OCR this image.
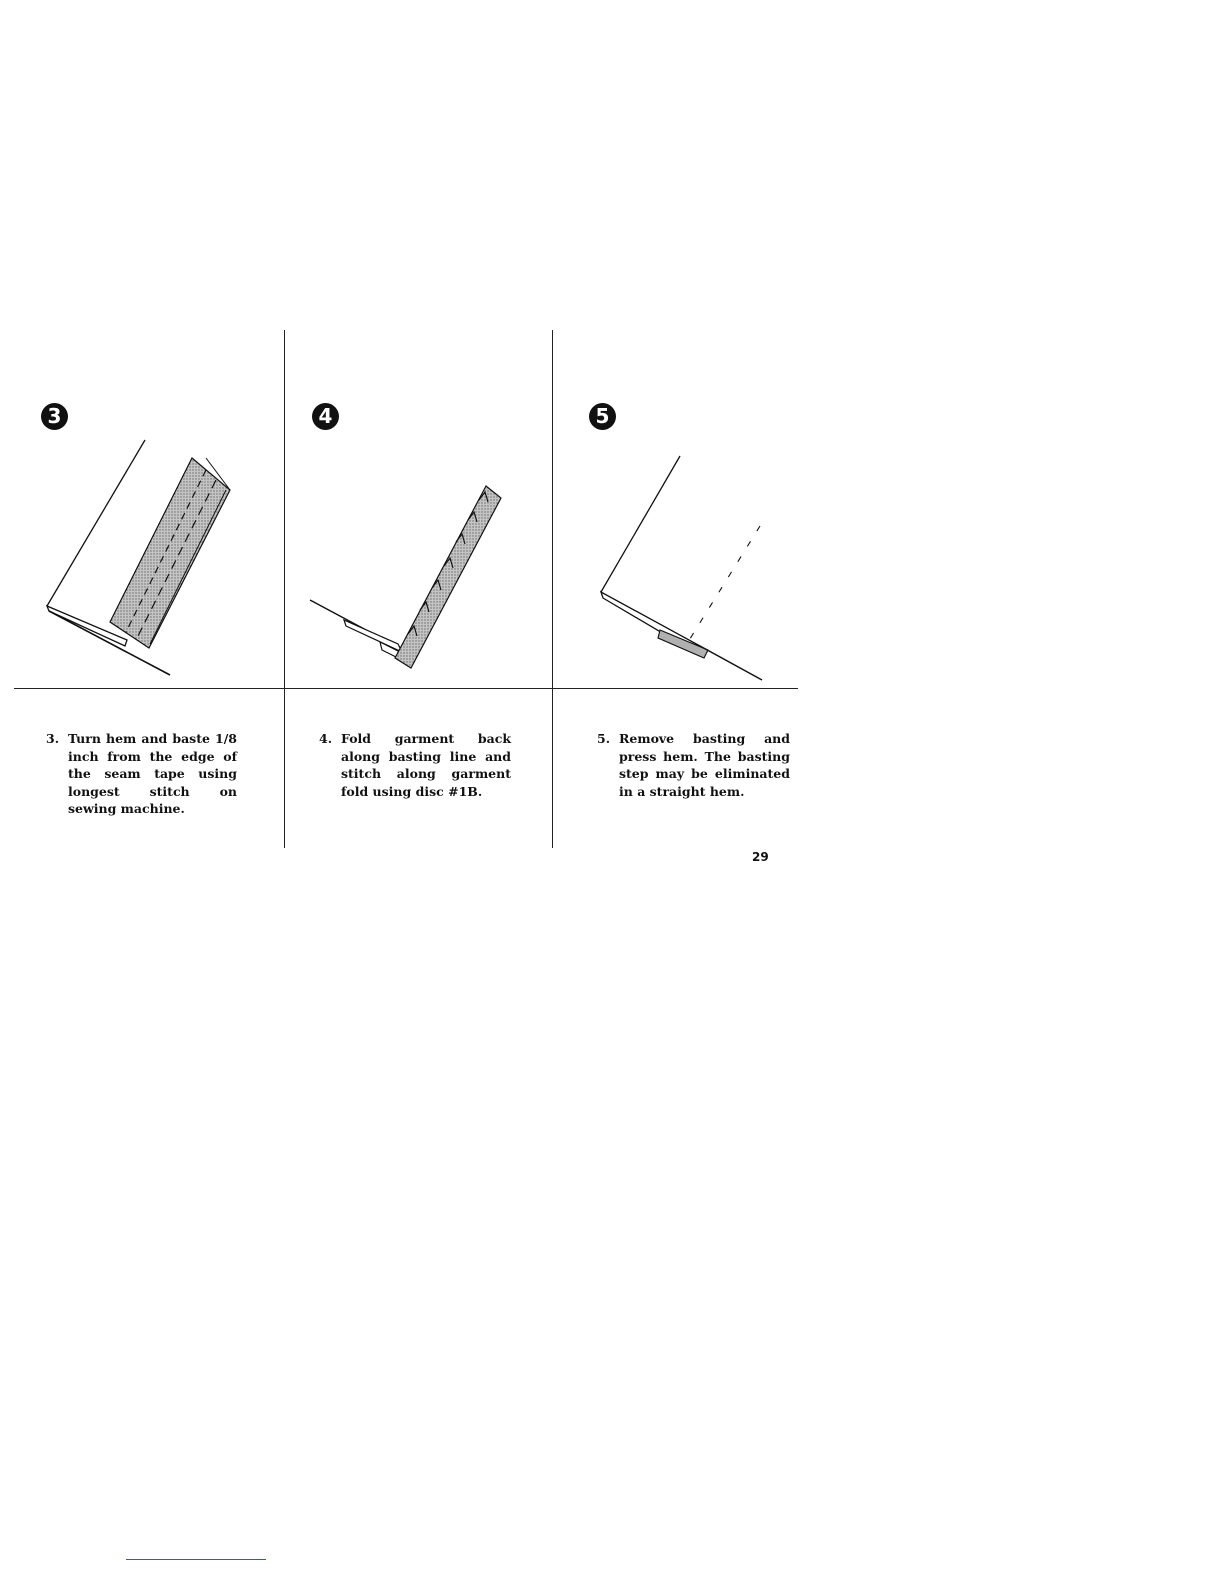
3	4	5
3. Turn hem and baste 1/8 inch from the edge of the seam tape using longest stitch on sewing machine.
4. Fold garment back along basting line and stitch along garment fold using disc #1B.
5. Remove basting and press hem. The basting step may be eliminated in a straight hem.
29
